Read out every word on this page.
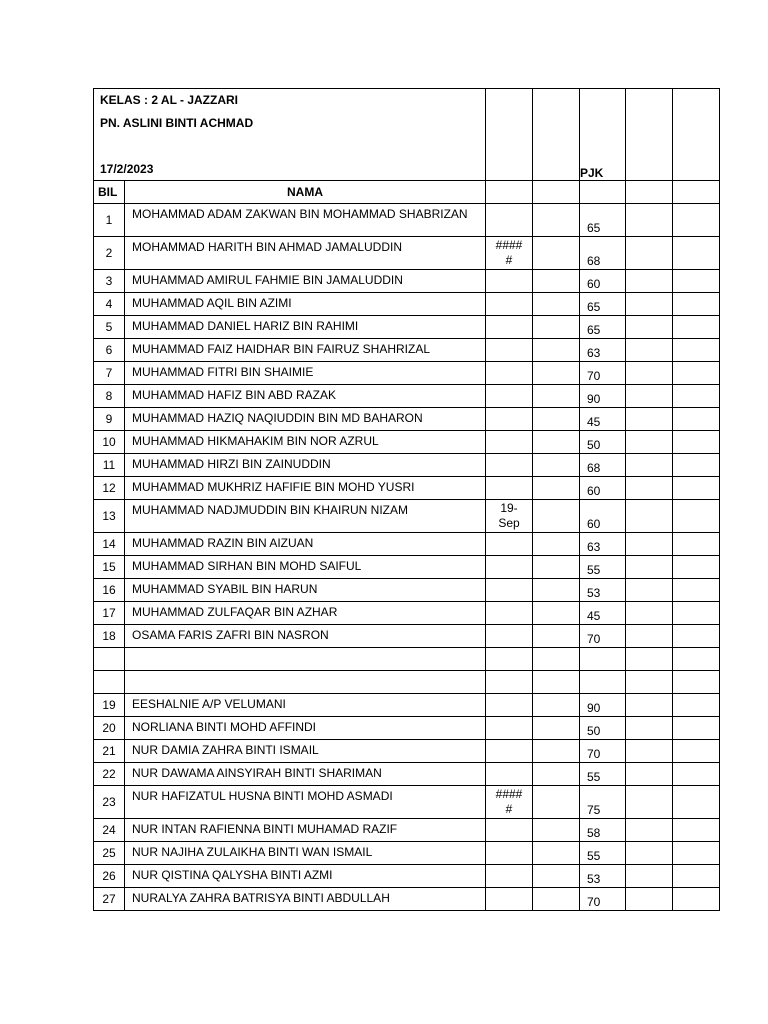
KELAS : 2 AL - JAZZARI
PN. ASLINI BINTI ACHMAD
17/2/2023				PJK		
BIL	NAMA					
1	MOHAMMAD ADAM ZAKWAN BIN MOHAMMAD SHABRIZAN			65		
2	MOHAMMAD HARITH BIN AHMAD JAMALUDDIN	####
#		68		
3	MUHAMMAD AMIRUL FAHMIE BIN JAMALUDDIN			60		
4	MUHAMMAD AQIL BIN AZIMI			65		
5	MUHAMMAD DANIEL HARIZ BIN RAHIMI			65		
6	MUHAMMAD FAIZ HAIDHAR BIN FAIRUZ SHAHRIZAL			63		
7	MUHAMMAD FITRI BIN SHAIMIE			70		
8	MUHAMMAD HAFIZ BIN ABD RAZAK			90		
9	MUHAMMAD HAZIQ NAQIUDDIN BIN MD BAHARON			45		
10	MUHAMMAD HIKMAHAKIM BIN NOR AZRUL			50		
11	MUHAMMAD HIRZI BIN ZAINUDDIN			68		
12	MUHAMMAD MUKHRIZ HAFIFIE BIN MOHD YUSRI			60		
13	MUHAMMAD NADJMUDDIN BIN KHAIRUN NIZAM	19-
Sep		60		
14	MUHAMMAD RAZIN BIN AIZUAN			63		
15	MUHAMMAD SIRHAN BIN MOHD SAIFUL			55		
16	MUHAMMAD SYABIL BIN HARUN			53		
17	MUHAMMAD ZULFAQAR BIN AZHAR			45		
18	OSAMA FARIS ZAFRI BIN NASRON			70		

19	EESHALNIE A/P VELUMANI			90		
20	NORLIANA BINTI MOHD AFFINDI			50		
21	NUR DAMIA ZAHRA BINTI ISMAIL			70		
22	NUR DAWAMA AINSYIRAH BINTI SHARIMAN			55		
23	NUR HAFIZATUL HUSNA BINTI MOHD ASMADI	####
#		75		
24	NUR INTAN RAFIENNA BINTI MUHAMAD RAZIF			58		
25	NUR NAJIHA ZULAIKHA BINTI WAN ISMAIL			55		
26	NUR QISTINA QALYSHA BINTI AZMI			53		
27	NURALYA ZAHRA BATRISYA BINTI ABDULLAH			70		
